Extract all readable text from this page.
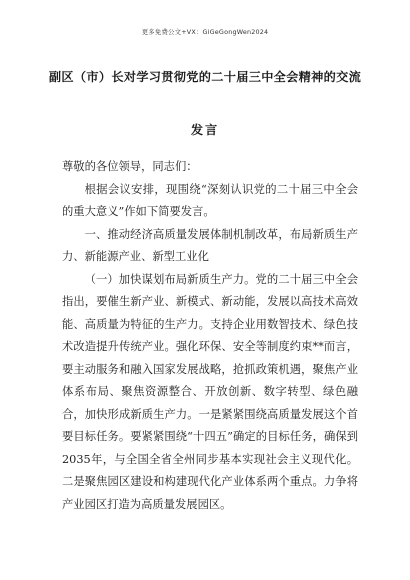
更多免费公文+VX：GiGeGongWen2024
副区（市）长对学习贯彻党的二十届三中全会精神的交流
发言

尊敬的各位领导，同志们：

根据会议安排，现围绕“深刻认识党的二十届三中全会的重大意义”作如下简要发言。

一、推动经济高质量发展体制机制改革，布局新质生产力、新能源产业、新型工业化

（一）加快谋划布局新质生产力。党的二十届三中全会指出，要催生新产业、新模式、新动能，发展以高技术高效能、高质量为特征的生产力。支持企业用数智技术、绿色技术改造提升传统产业。强化环保、安全等制度约束**而言，要主动服务和融入国家发展战略，抢抓政策机遇，聚焦产业体系布局、聚焦资源整合、开放创新、数字转型、绿色融合，加快形成新质生产力。一是紧紧围绕高质量发展这个首要目标任务。要紧紧围绕“十四五”确定的目标任务，确保到2035年，与全国全省全州同步基本实现社会主义现代化。二是聚焦园区建设和构建现代化产业体系两个重点。力争将产业园区打造为高质量发展园区。
